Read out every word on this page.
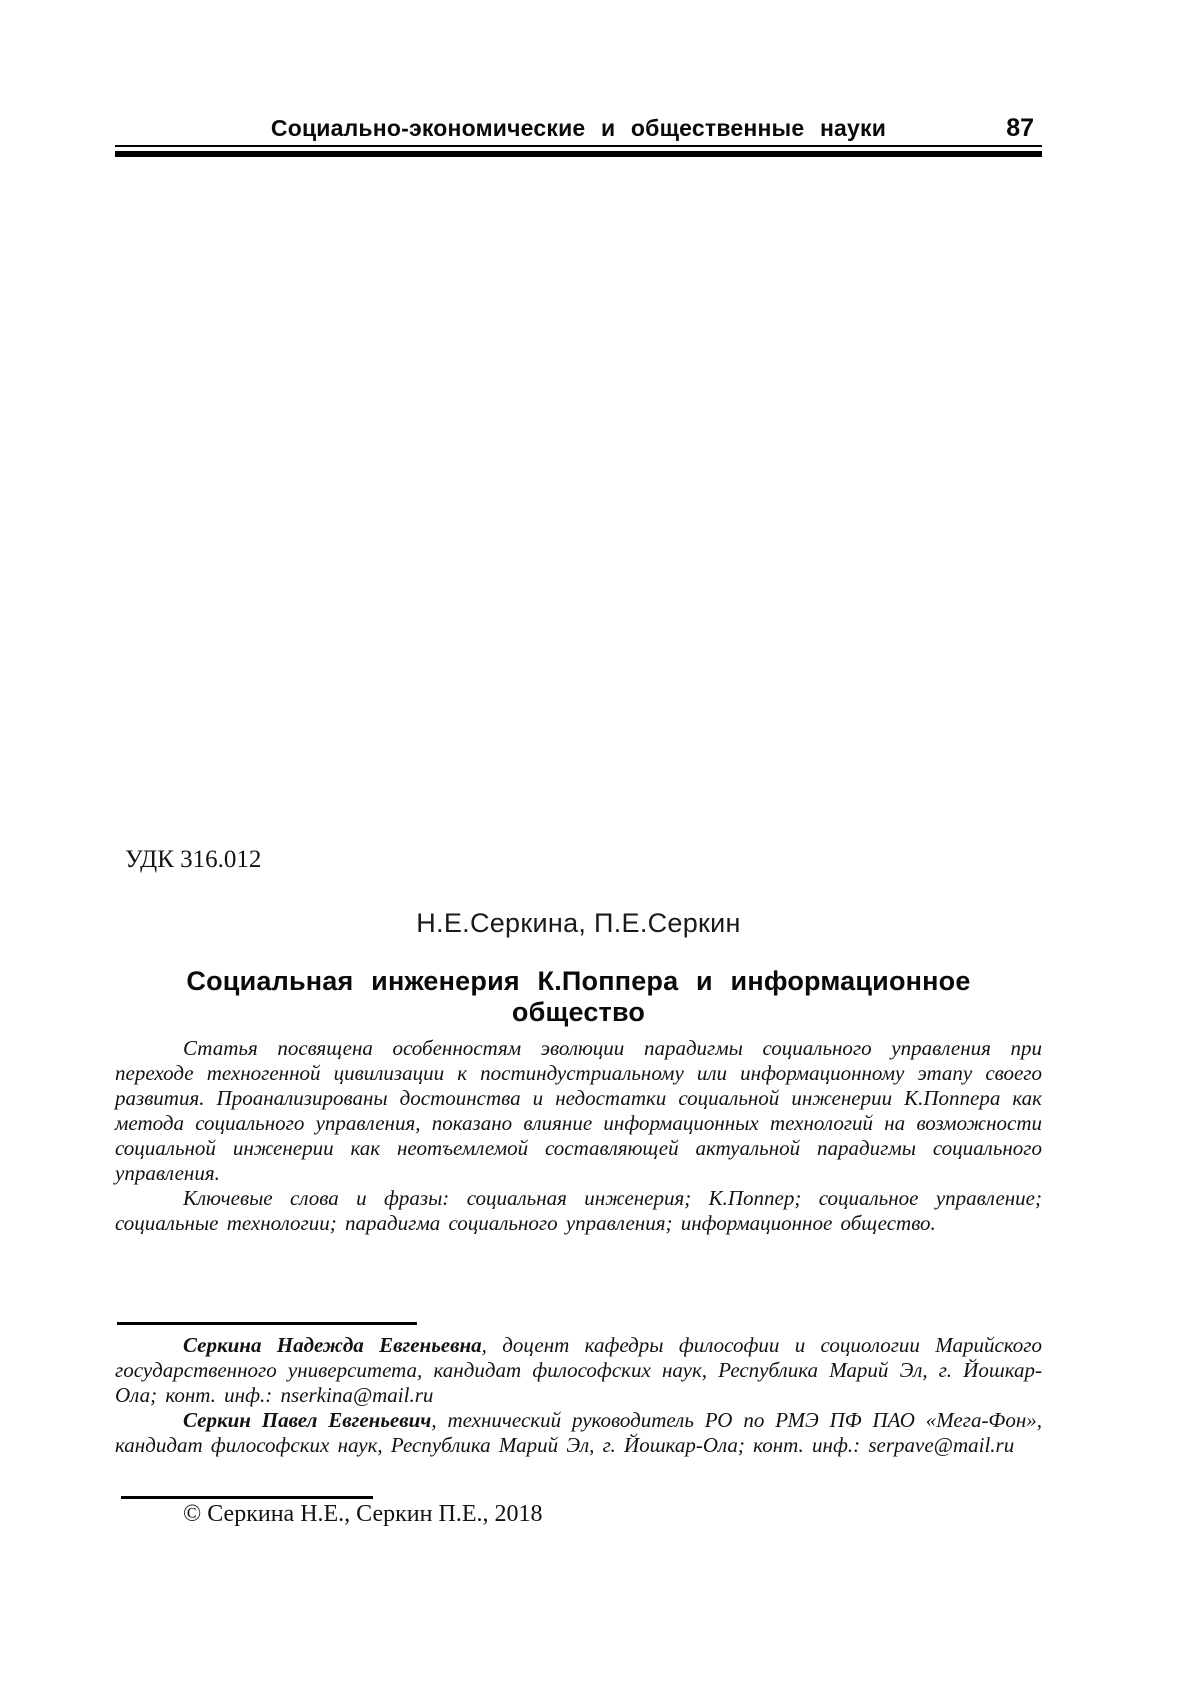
Социально-экономические и общественные науки	87
УДК 316.012
Н.Е.Серкина, П.Е.Серкин
Социальная инженерия К.Поппера и информационное общество

Статья посвящена особенностям эволюции парадигмы социального управления при переходе техногенной цивилизации к постиндустриальному или информационному этапу своего развития. Проанализированы достоинства и недостатки социальной инженерии К.Поппера как метода социального управления, показано влияние информационных технологий на возможности социальной инженерии как неотъемлемой составляющей актуальной парадигмы социального управления.

Ключевые слова и фразы: социальная инженерия; К.Поппер; социальное управление; социальные технологии; парадигма социального управления; информационное общество.

Серкина Надежда Евгеньевна, доцент кафедры философии и социологии Марийского государственного университета, кандидат философских наук, Республика Марий Эл, г. Йошкар-Ола; конт. инф.: nserkina@mail.ru

Серкин Павел Евгеньевич, технический руководитель РО по РМЭ ПФ ПАО «Мега-Фон», кандидат философских наук, Республика Марий Эл, г. Йошкар-Ола; конт. инф.: serpave@mail.ru

© Серкина Н.Е., Серкин П.Е., 2018
